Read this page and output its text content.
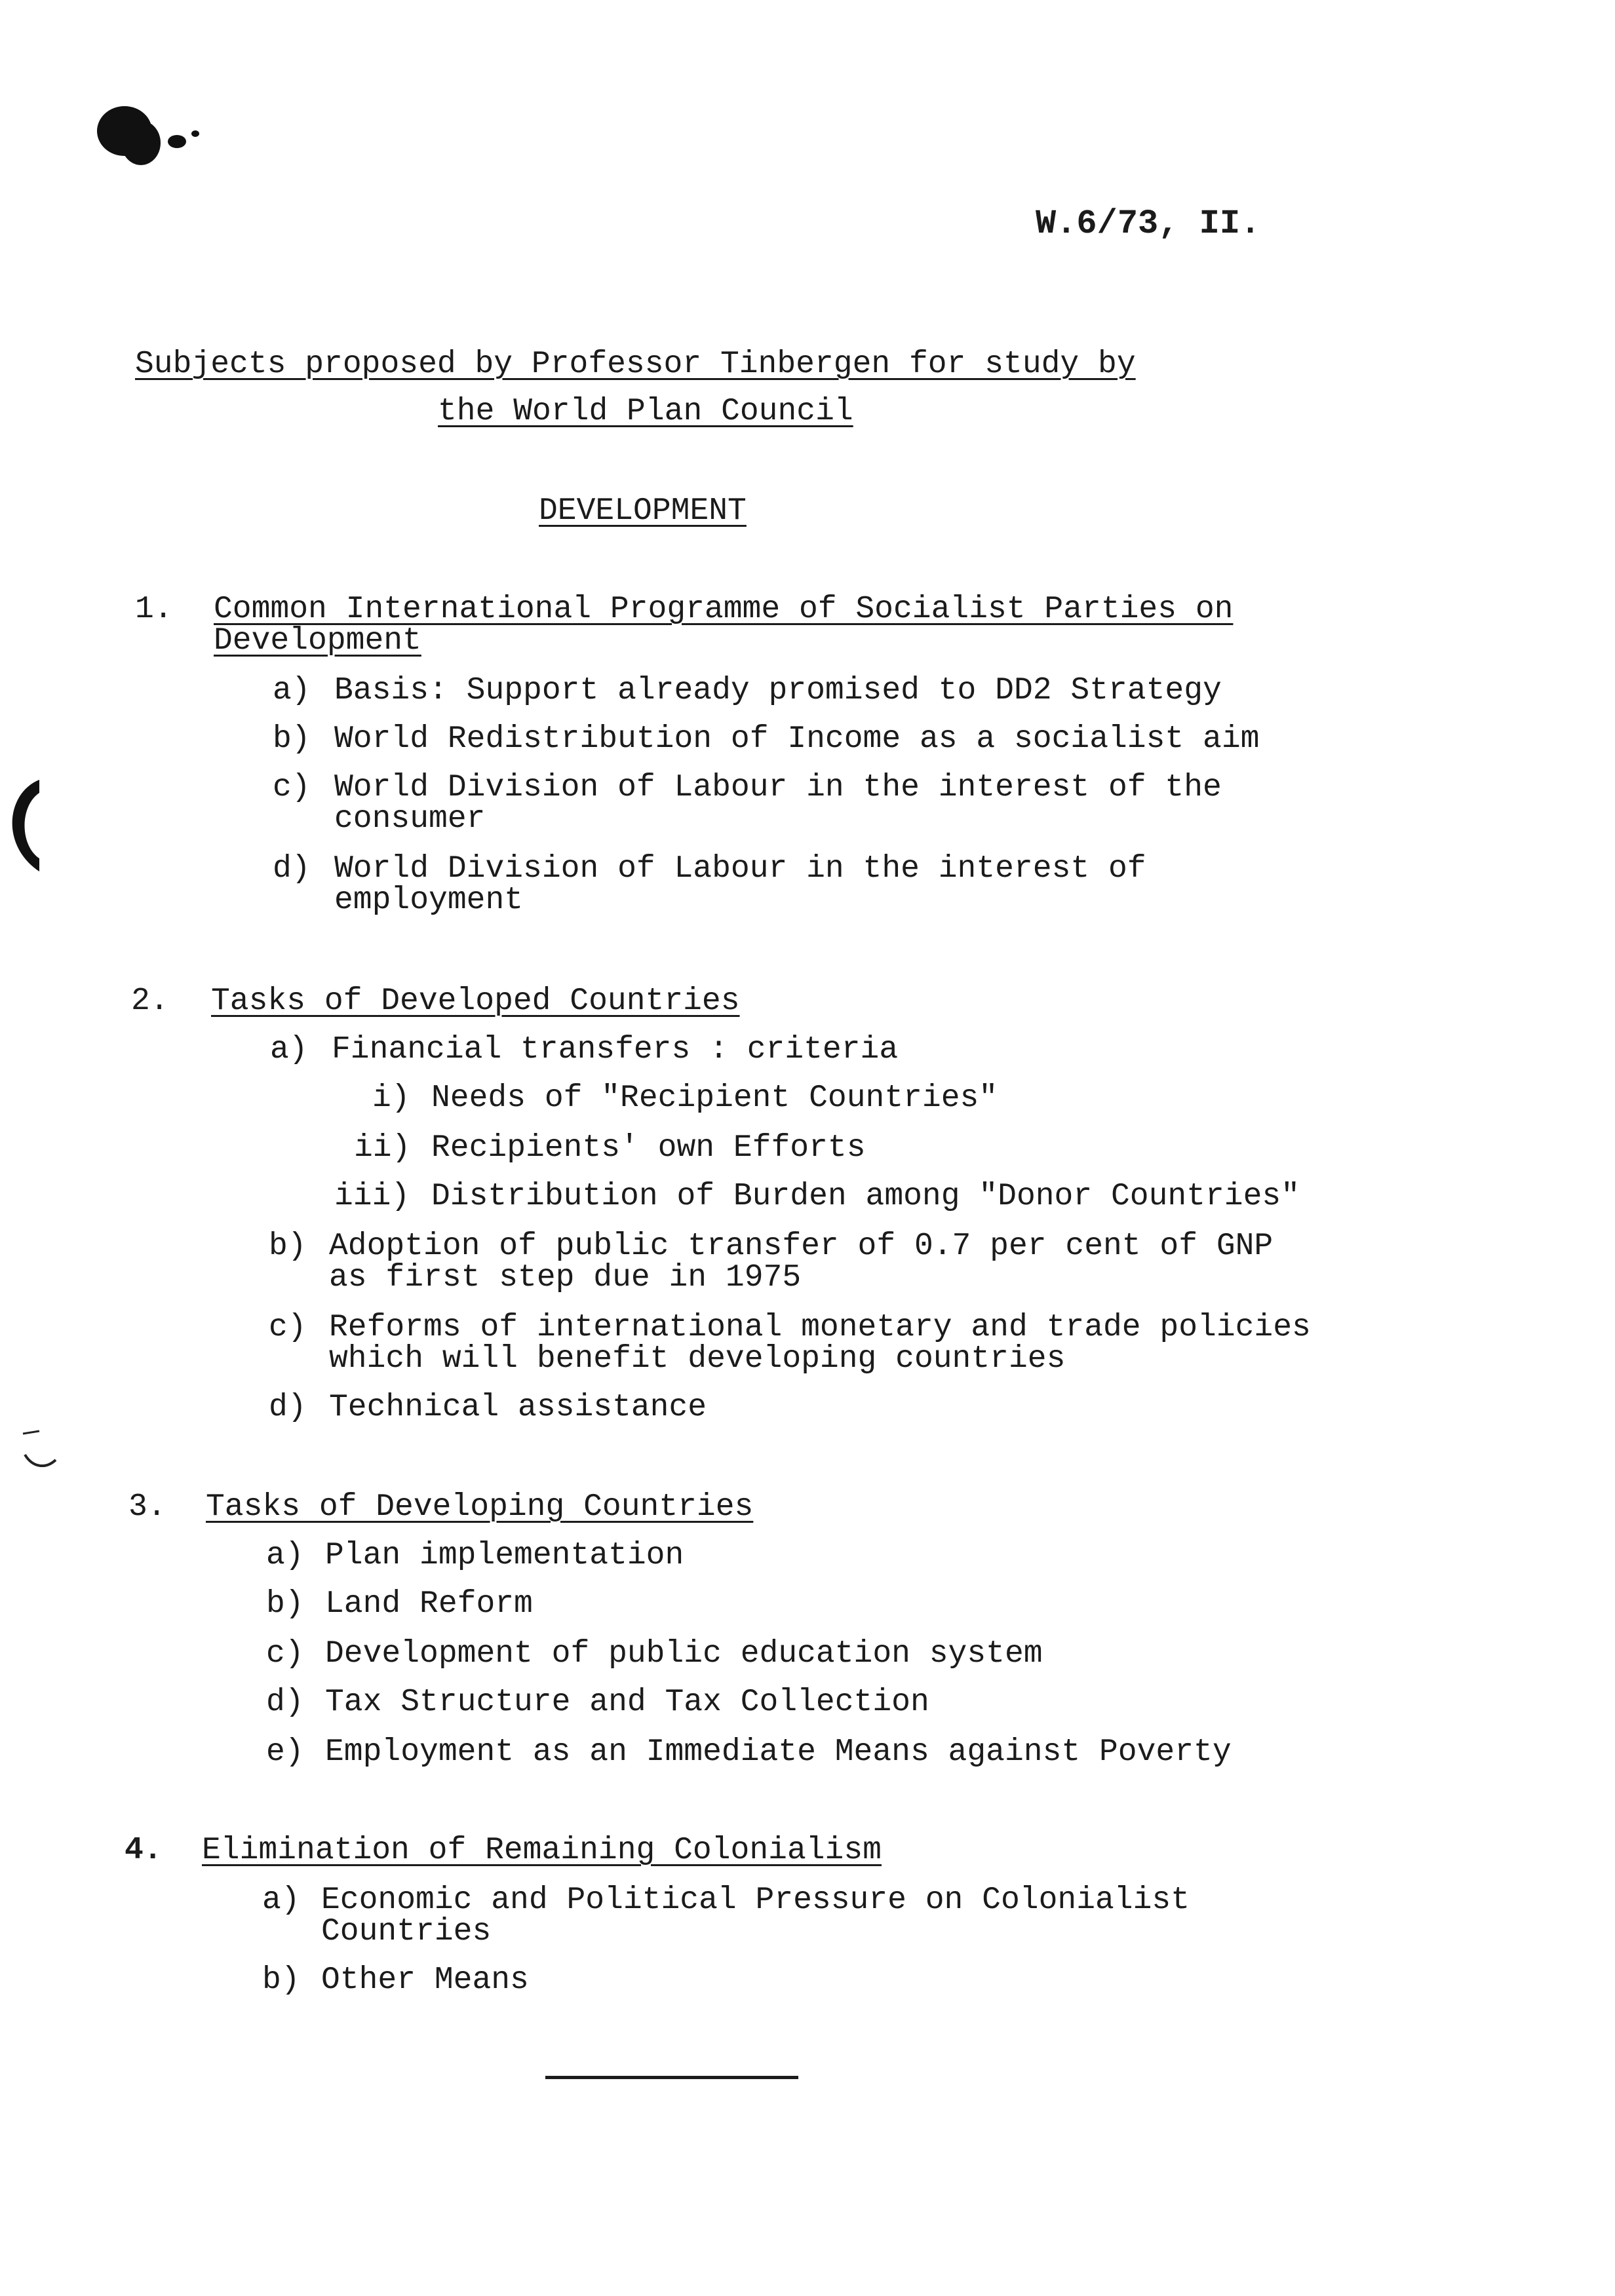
W.6/73, II.
Subjects proposed by Professor Tinbergen for study by
the World Plan Council
DEVELOPMENT
1. Common International Programme of Socialist Parties on
Development
a) Basis: Support already promised to DD2 Strategy
b) World Redistribution of Income as a socialist aim
c) World Division of Labour in the interest of the
consumer
d) World Division of Labour in the interest of
employment
2. Tasks of Developed Countries
a) Financial transfers : criteria
i) Needs of "Recipient Countries"
ii) Recipients' own Efforts
iii) Distribution of Burden among "Donor Countries"
b) Adoption of public transfer of 0.7 per cent of GNP
as first step due in 1975
c) Reforms of international monetary and trade policies
which will benefit developing countries
d) Technical assistance
3. Tasks of Developing Countries
a) Plan implementation
b) Land Reform
c) Development of public education system
d) Tax Structure and Tax Collection
e) Employment as an Immediate Means against Poverty
4. Elimination of Remaining Colonialism
a) Economic and Political Pressure on Colonialist
Countries
b) Other Means
